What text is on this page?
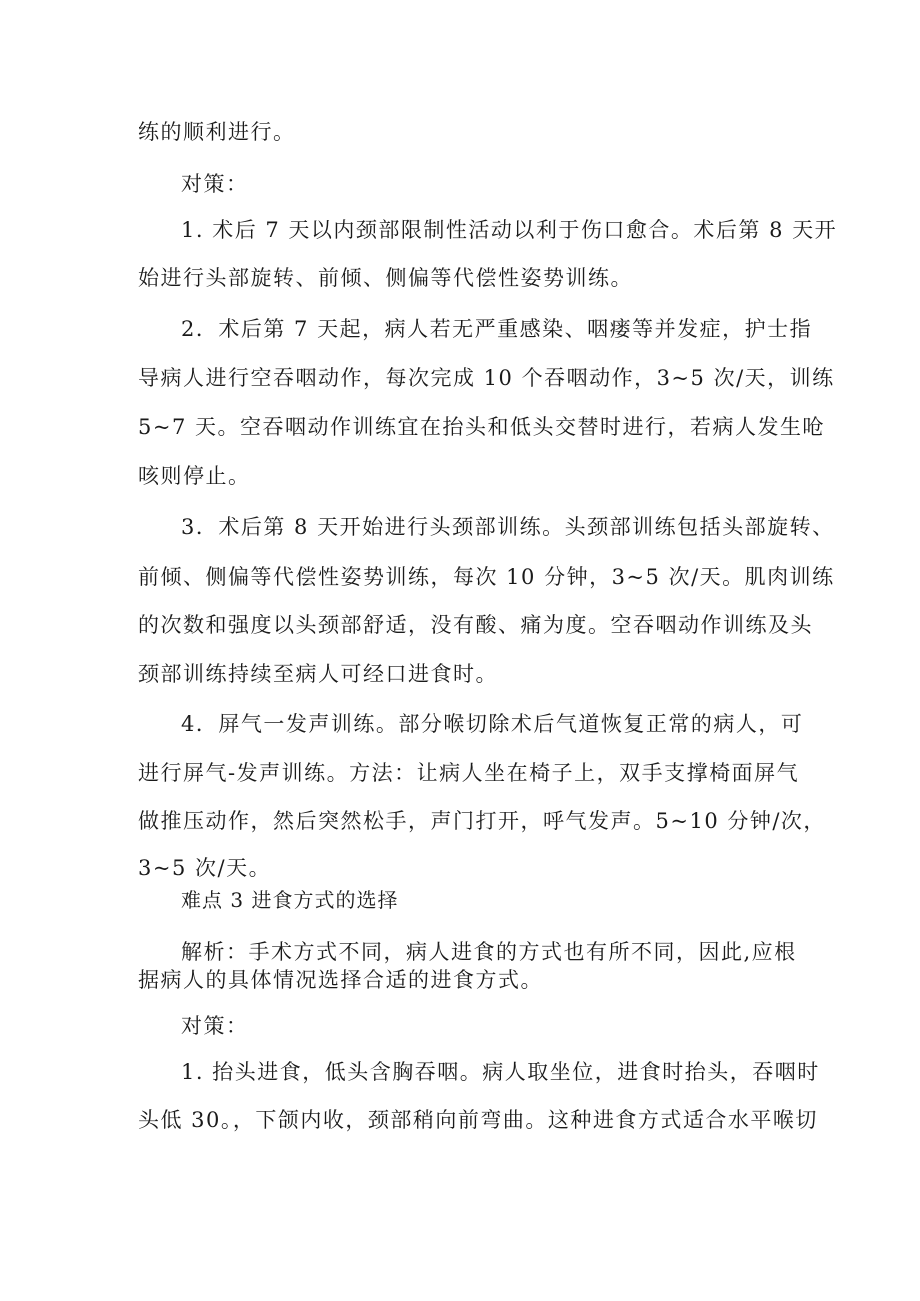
练的顺利进行。
对策：
1. 术后 7 天以内颈部限制性活动以利于伤口愈合。术后第 8 天开
始进行头部旋转、前倾、侧偏等代偿性姿势训练。
2．术后第 7 天起，病人若无严重感染、咽瘘等并发症，护士指
导病人进行空吞咽动作，每次完成 10 个吞咽动作，3~5 次/天，训练
5~7 天。空吞咽动作训练宜在抬头和低头交替时进行，若病人发生呛
咳则停止。
3．术后第 8 天开始进行头颈部训练。头颈部训练包括头部旋转、
前倾、侧偏等代偿性姿势训练，每次 10 分钟，3~5 次/天。肌肉训练
的次数和强度以头颈部舒适，没有酸、痛为度。空吞咽动作训练及头
颈部训练持续至病人可经口进食时。
4．屏气一发声训练。部分喉切除术后气道恢复正常的病人，可
进行屏气-发声训练。方法：让病人坐在椅子上，双手支撑椅面屏气
做推压动作，然后突然松手，声门打开，呼气发声。5~10 分钟/次，
3~5 次/天。
难点 3 进食方式的选择
解析：手术方式不同，病人进食的方式也有所不同，因此,应根
据病人的具体情况选择合适的进食方式。
对策：
1. 抬头进食，低头含胸吞咽。病人取坐位，进食时抬头，吞咽时
头低 30。，下颌内收，颈部稍向前弯曲。这种进食方式适合水平喉切
